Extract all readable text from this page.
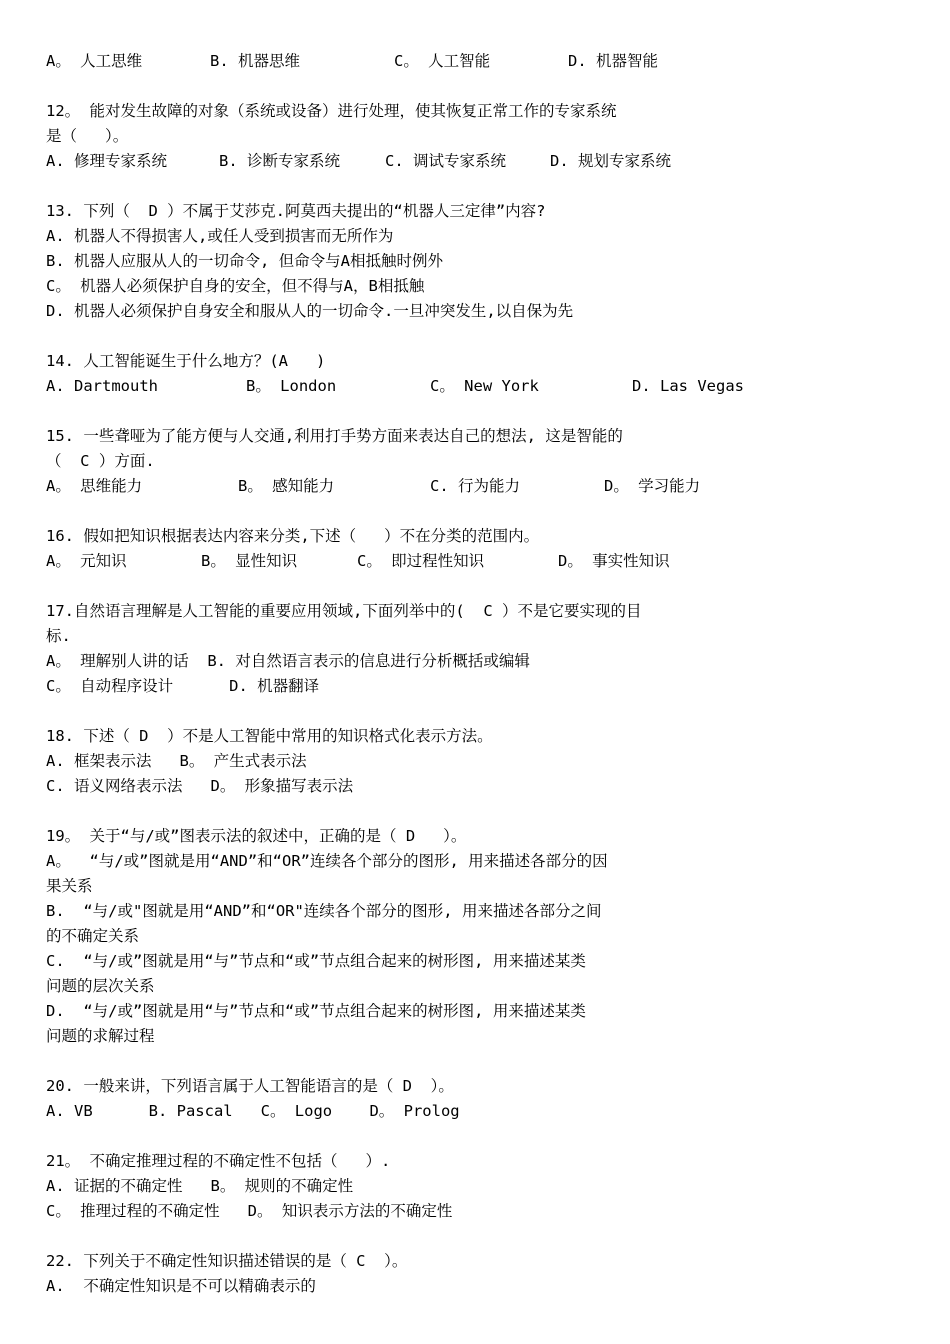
A。 人工思维	B. 机器思维	C。 人工智能	D. 机器智能
12。 能对发生故障的对象（系统或设备）进行处理，使其恢复正常工作的专家系统
是（   ）。
A. 修理专家系统	B. 诊断专家系统	C. 调试专家系统	D. 规划专家系统
13. 下列（  D ）不属于艾莎克.阿莫西夫提出的“机器人三定律”内容?
A. 机器人不得损害人,或任人受到损害而无所作为
B. 机器人应服从人的一切命令, 但命令与A相抵触时例外
C。 机器人必须保护自身的安全，但不得与A，B相抵触
D. 机器人必须保护自身安全和服从人的一切命令.一旦冲突发生,以自保为先
14. 人工智能诞生于什么地方？(A   )
A. Dartmouth	B。 London	C。 New York	D. Las Vegas
15. 一些聋哑为了能方便与人交通,利用打手势方面来表达自己的想法, 这是智能的
（  C ）方面.
A。 思维能力	B。 感知能力	C. 行为能力	D。 学习能力
16. 假如把知识根据表达内容来分类,下述（   ）不在分类的范围内。
A。 元知识	B。 显性知识	C。 即过程性知识	D。 事实性知识
17.自然语言理解是人工智能的重要应用领域,下面列举中的(  C ）不是它要实现的目
标.
A。 理解别人讲的话  B. 对自然语言表示的信息进行分析概括或编辑
C。 自动程序设计      D. 机器翻译
18. 下述（ D  ）不是人工智能中常用的知识格式化表示方法。
A. 框架表示法   B。 产生式表示法
C. 语义网络表示法   D。 形象描写表示法
19。 关于“与/或”图表示法的叙述中，正确的是（ D   ）。
A。  “与/或”图就是用“AND”和“OR”连续各个部分的图形, 用来描述各部分的因
果关系
B.  “与/或"图就是用“AND”和“OR"连续各个部分的图形, 用来描述各部分之间
的不确定关系
C.  “与/或”图就是用“与”节点和“或”节点组合起来的树形图, 用来描述某类
问题的层次关系
D.  “与/或”图就是用“与”节点和“或”节点组合起来的树形图, 用来描述某类
问题的求解过程
20. 一般来讲，下列语言属于人工智能语言的是（ D  ）。
A. VB      B. Pascal   C。 Logo    D。 Prolog
21。 不确定推理过程的不确定性不包括（   ）.
A. 证据的不确定性   B。 规则的不确定性
C。 推理过程的不确定性   D。 知识表示方法的不确定性
22. 下列关于不确定性知识描述错误的是（ C  ）。
A.  不确定性知识是不可以精确表示的
